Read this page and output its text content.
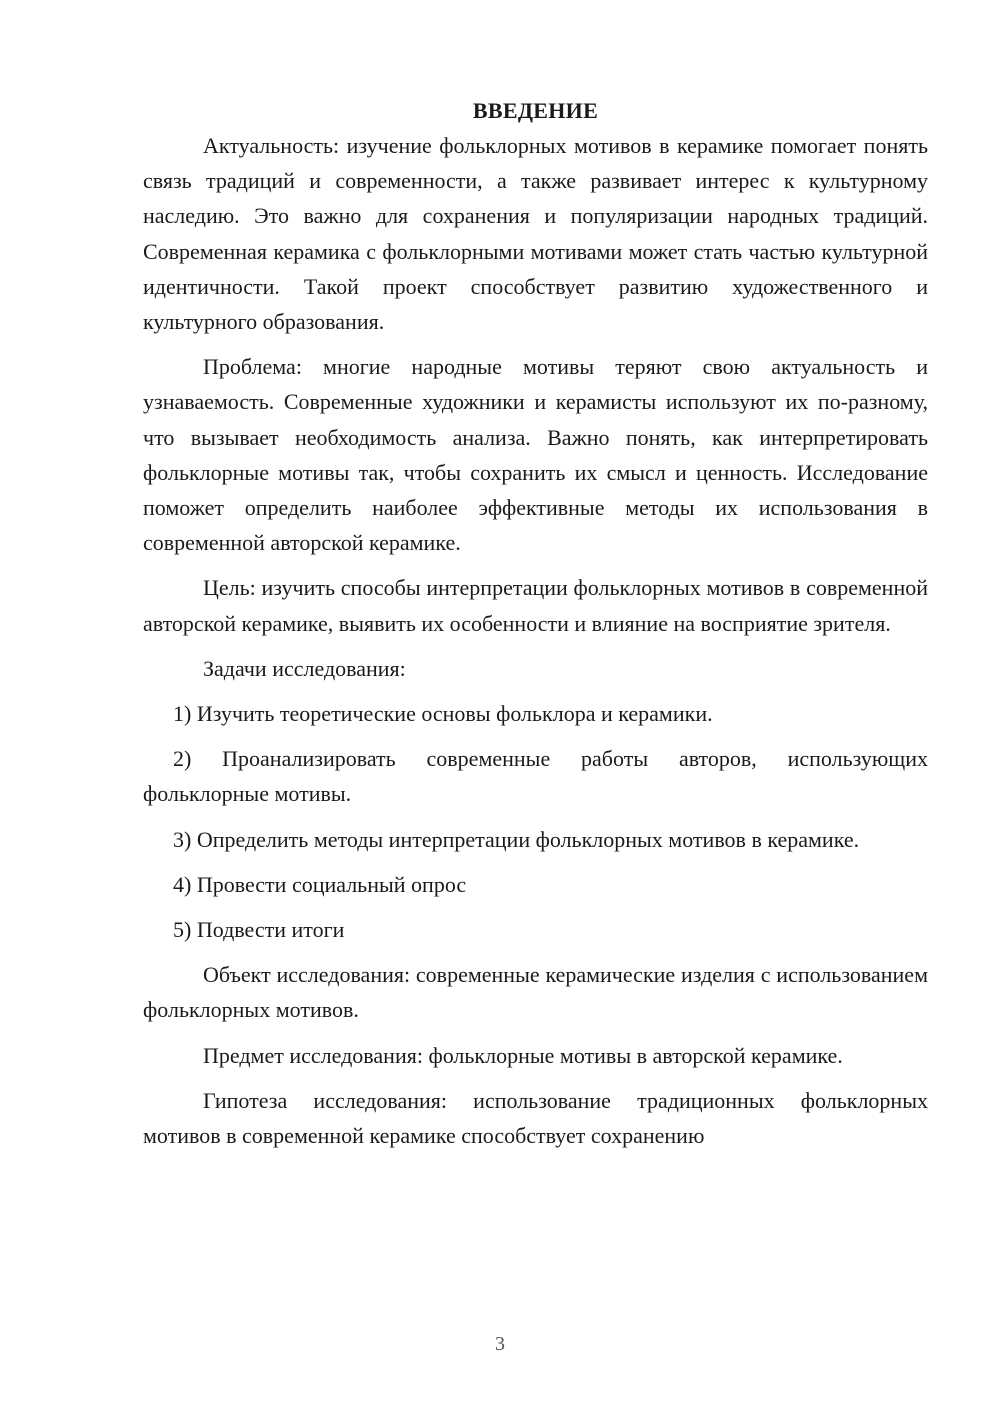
ВВЕДЕНИЕ

Актуальность: изучение фольклорных мотивов в керамике помогает понять связь традиций и современности, а также развивает интерес к культурному наследию. Это важно для сохранения и популяризации народных традиций. Современная керамика с фольклорными мотивами может стать частью культурной идентичности. Такой проект способствует развитию художественного и культурного образования.

Проблема: многие народные мотивы теряют свою актуальность и узнаваемость. Современные художники и керамисты используют их по-разному, что вызывает необходимость анализа. Важно понять, как интерпретировать фольклорные мотивы так, чтобы сохранить их смысл и ценность. Исследование поможет определить наиболее эффективные методы их использования в современной авторской керамике.

Цель: изучить способы интерпретации фольклорных мотивов в современной авторской керамике, выявить их особенности и влияние на восприятие зрителя.

Задачи исследования:

1) Изучить теоретические основы фольклора и керамики.

2) Проанализировать современные работы авторов, использующих фольклорные мотивы.

3) Определить методы интерпретации фольклорных мотивов в керамике.

4) Провести социальный опрос

5) Подвести итоги

Объект исследования: современные керамические изделия с использованием фольклорных мотивов.

Предмет исследования: фольклорные мотивы в авторской керамике.

Гипотеза исследования: использование традиционных фольклорных мотивов в современной керамике способствует сохранению

3
